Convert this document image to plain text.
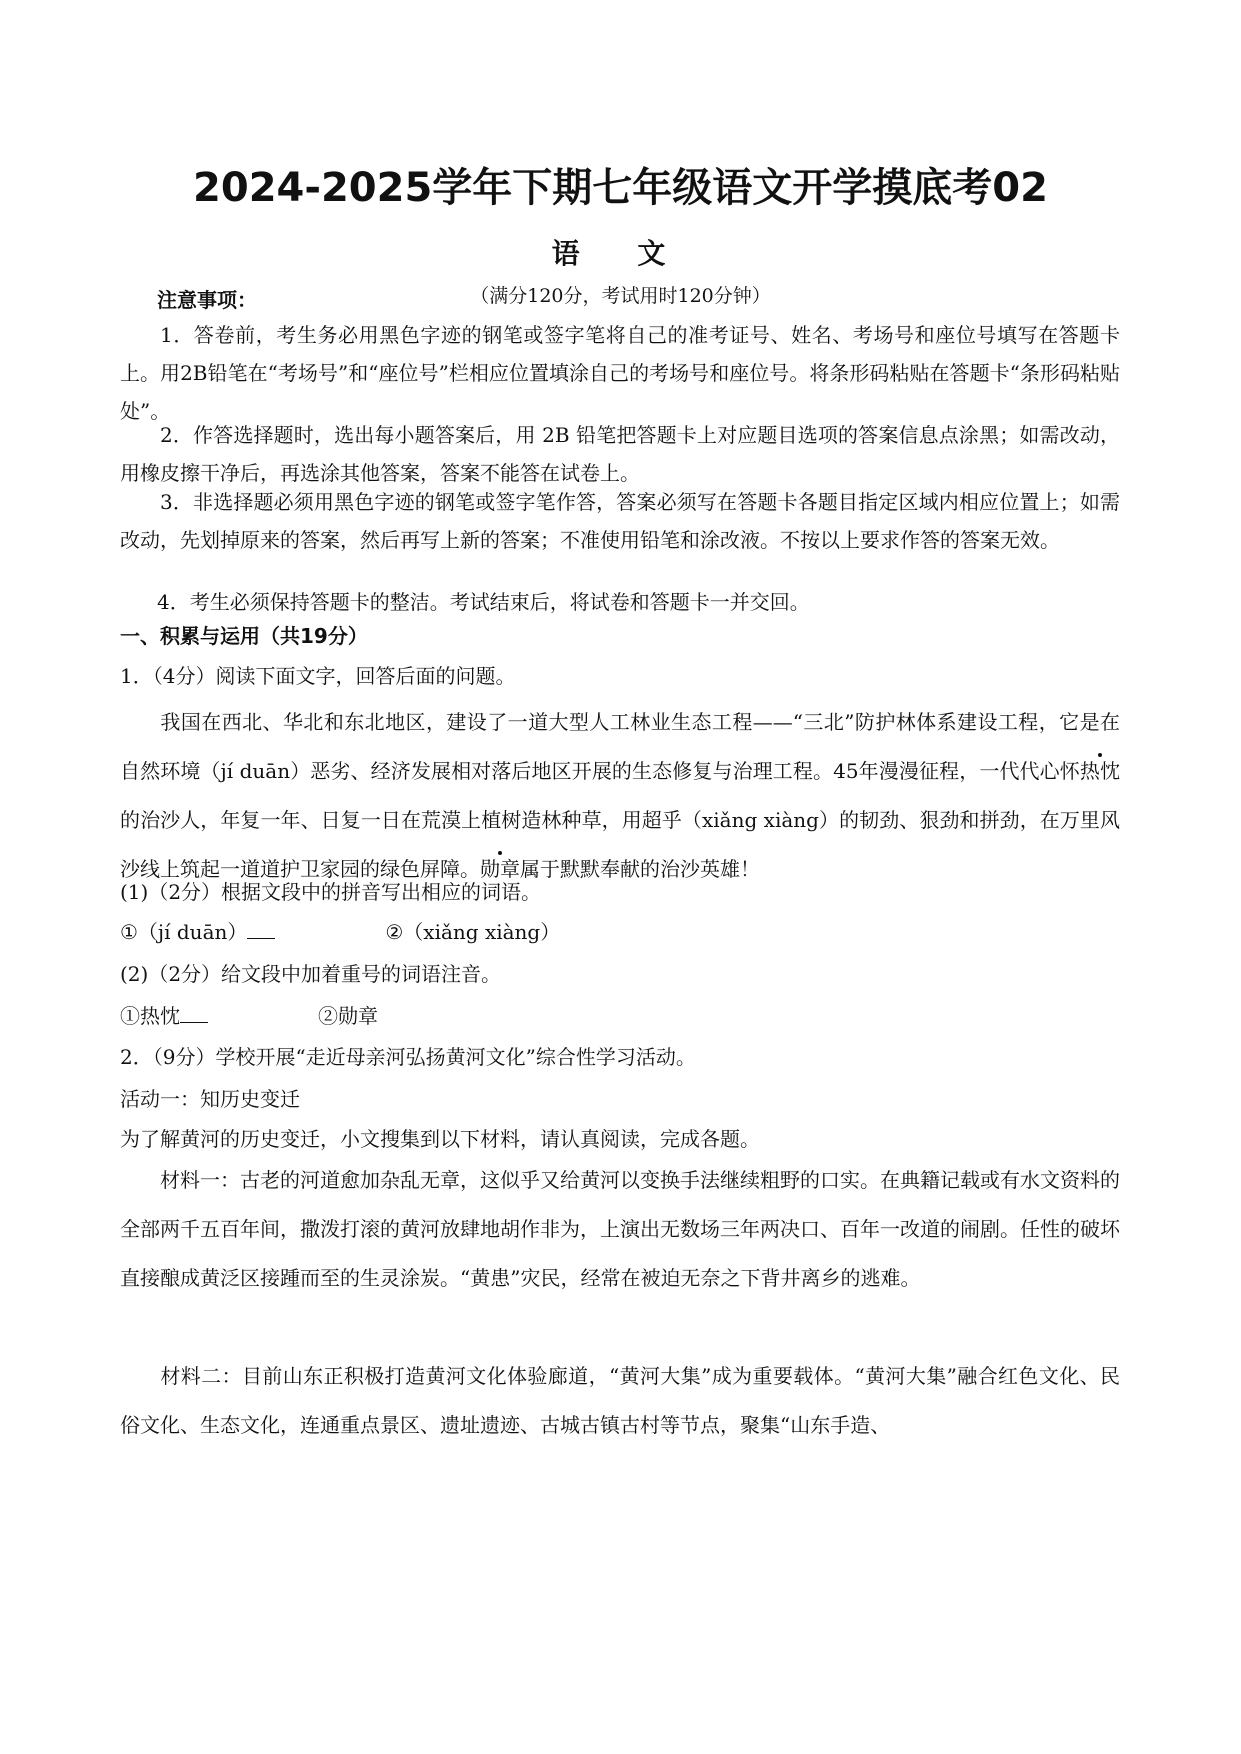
2024-2025学年下期七年级语文开学摸底考02
语 文

（满分120分，考试用时120分钟）

注意事项：

1．答卷前，考生务必用黑色字迹的钢笔或签字笔将自己的准考证号、姓名、考场号和座位号填写在答题卡上。用2B铅笔在“考场号”和“座位号”栏相应位置填涂自己的考场号和座位号。将条形码粘贴在答题卡“条形码粘贴处”。

2．作答选择题时，选出每小题答案后，用 2B 铅笔把答题卡上对应题目选项的答案信息点涂黑；如需改动，用橡皮擦干净后，再选涂其他答案，答案不能答在试卷上。

3．非选择题必须用黑色字迹的钢笔或签字笔作答，答案必须写在答题卡各题目指定区域内相应位置上；如需改动，先划掉原来的答案，然后再写上新的答案；不准使用铅笔和涂改液。不按以上要求作答的答案无效。

4．考生必须保持答题卡的整洁。考试结束后，将试卷和答题卡一并交回。

一、积累与运用（共19分）

1．（4分）阅读下面文字，回答后面的问题。

我国在西北、华北和东北地区，建设了一道大型人工林业生态工程——“三北”防护林体系建设工程，它是在自然环境（jí duān）恶劣、经济发展相对落后地区开展的生态修复与治理工程。45年漫漫征程，一代代心怀热忱的治沙人，年复一年、日复一日在荒漠上植树造林种草，用超乎（xiǎng xiàng）的韧劲、狠劲和拼劲，在万里风沙线上筑起一道道护卫家园的绿色屏障。勋章属于默默奉献的治沙英雄！

(1)（2分）根据文段中的拼音写出相应的词语。

①（jí duān）	②（xiǎng xiàng）

(2)（2分）给文段中加着重号的词语注音。

①热忱	②勋章

2．（9分）学校开展“走近母亲河弘扬黄河文化”综合性学习活动。

活动一：知历史变迁

为了解黄河的历史变迁，小文搜集到以下材料，请认真阅读，完成各题。

材料一：古老的河道愈加杂乱无章，这似乎又给黄河以变换手法继续粗野的口实。在典籍记载或有水文资料的全部两千五百年间，撒泼打滚的黄河放肆地胡作非为，上演出无数场三年两决口、百年一改道的闹剧。任性的破坏直接酿成黄泛区接踵而至的生灵涂炭。“黄患”灾民，经常在被迫无奈之下背井离乡的逃难。

材料二：目前山东正积极打造黄河文化体验廊道，“黄河大集”成为重要载体。“黄河大集”融合红色文化、民俗文化、生态文化，连通重点景区、遗址遗迹、古城古镇古村等节点，聚集“山东手造、
